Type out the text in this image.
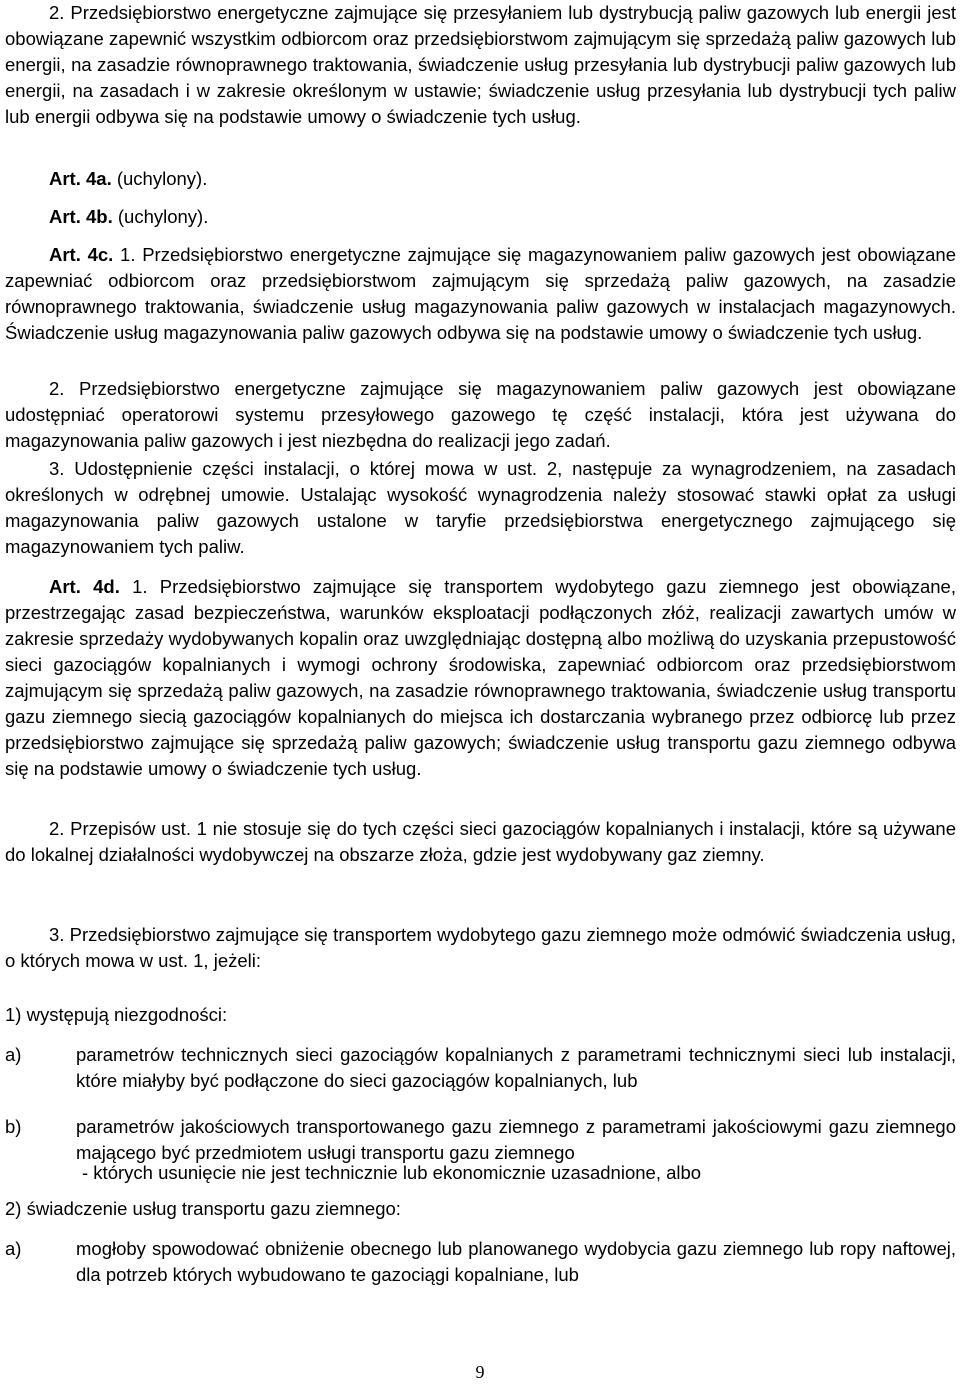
2. Przedsiębiorstwo energetyczne zajmujące się przesyłaniem lub dystrybucją paliw gazowych lub energii jest obowiązane zapewnić wszystkim odbiorcom oraz przedsiębiorstwom zajmującym się sprzedażą paliw gazowych lub energii, na zasadzie równoprawnego traktowania, świadczenie usług przesyłania lub dystrybucji paliw gazowych lub energii, na zasadach i w zakresie określonym w ustawie; świadczenie usług przesyłania lub dystrybucji tych paliw lub energii odbywa się na podstawie umowy o świadczenie tych usług.

Art. 4a. (uchylony).

Art. 4b. (uchylony).

Art. 4c. 1. Przedsiębiorstwo energetyczne zajmujące się magazynowaniem paliw gazowych jest obowiązane zapewniać odbiorcom oraz przedsiębiorstwom zajmującym się sprzedażą paliw gazowych, na zasadzie równoprawnego traktowania, świadczenie usług magazynowania paliw gazowych w instalacjach magazynowych. Świadczenie usług magazynowania paliw gazowych odbywa się na podstawie umowy o świadczenie tych usług.

2. Przedsiębiorstwo energetyczne zajmujące się magazynowaniem paliw gazowych jest obowiązane udostępniać operatorowi systemu przesyłowego gazowego tę część instalacji, która jest używana do magazynowania paliw gazowych i jest niezbędna do realizacji jego zadań.

3. Udostępnienie części instalacji, o której mowa w ust. 2, następuje za wynagrodzeniem, na zasadach określonych w odrębnej umowie. Ustalając wysokość wynagrodzenia należy stosować stawki opłat za usługi magazynowania paliw gazowych ustalone w taryfie przedsiębiorstwa energetycznego zajmującego się magazynowaniem tych paliw.

Art. 4d. 1. Przedsiębiorstwo zajmujące się transportem wydobytego gazu ziemnego jest obowiązane, przestrzegając zasad bezpieczeństwa, warunków eksploatacji podłączonych złóż, realizacji zawartych umów w zakresie sprzedaży wydobywanych kopalin oraz uwzględniając dostępną albo możliwą do uzyskania przepustowość sieci gazociągów kopalnianych i wymogi ochrony środowiska, zapewniać odbiorcom oraz przedsiębiorstwom zajmującym się sprzedażą paliw gazowych, na zasadzie równoprawnego traktowania, świadczenie usług transportu gazu ziemnego siecią gazociągów kopalnianych do miejsca ich dostarczania wybranego przez odbiorcę lub przez przedsiębiorstwo zajmujące się sprzedażą paliw gazowych; świadczenie usług transportu gazu ziemnego odbywa się na podstawie umowy o świadczenie tych usług.

2. Przepisów ust. 1 nie stosuje się do tych części sieci gazociągów kopalnianych i instalacji, które są używane do lokalnej działalności wydobywczej na obszarze złoża, gdzie jest wydobywany gaz ziemny.

3. Przedsiębiorstwo zajmujące się transportem wydobytego gazu ziemnego może odmówić świadczenia usług, o których mowa w ust. 1, jeżeli:

1) występują niezgodności:

a)	parametrów technicznych sieci gazociągów kopalnianych z parametrami technicznymi sieci lub instalacji, które miałyby być podłączone do sieci gazociągów kopalnianych, lub
b)	parametrów jakościowych transportowanego gazu ziemnego z parametrami jakościowymi gazu ziemnego mającego być przedmiotem usługi transportu gazu ziemnego

- których usunięcie nie jest technicznie lub ekonomicznie uzasadnione, albo

2) świadczenie usług transportu gazu ziemnego:

a)	mogłoby spowodować obniżenie obecnego lub planowanego wydobycia gazu ziemnego lub ropy naftowej, dla potrzeb których wybudowano te gazociągi kopalniane, lub
9
